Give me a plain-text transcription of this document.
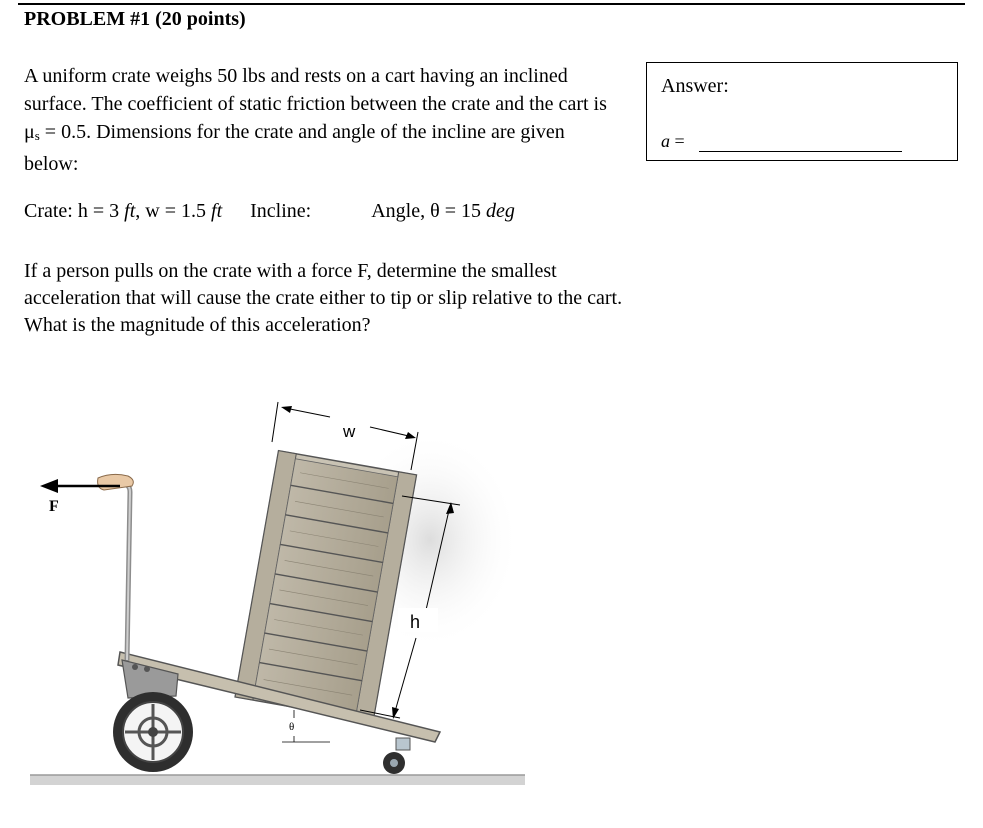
PROBLEM #1 (20 points)

A uniform crate weighs 50 lbs and rests on a cart having an inclined surface. The coefficient of static friction between the crate and the cart is $\mu_s = 0.5$. Dimensions for the crate and angle of the incline are given below:

Crate: h = 3 ft, w = 1.5 ft Incline:	Angle, θ = 15 deg

If a person pulls on the crate with a force F, determine the smallest acceleration that will cause the crate either to tip or slip relative to the cart.
What is the magnitude of this acceleration?

Answer:
a =
F
w
h
θ
